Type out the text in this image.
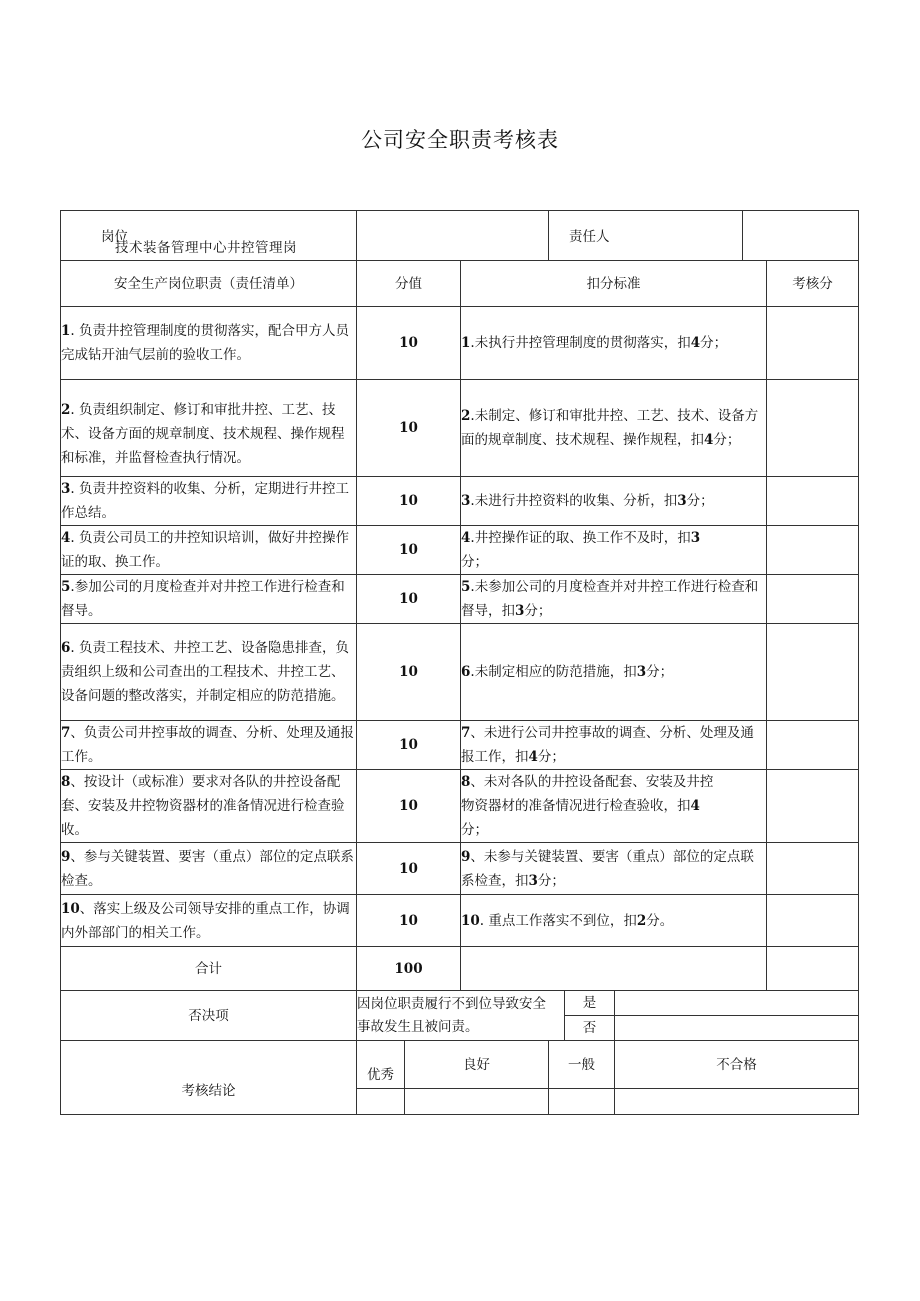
公司安全职责考核表
岗位	技术装备管理中心井控管理岗			责任人				

安全生产岗位职责（责任清单）	分值		扣分标准					考核分
1. 负责井控管理制度的贯彻落实，配合甲方人员完成钻开油气层前的验收工作。	10		1.未执行井控管理制度的贯彻落实，扣4分；					
2. 负责组织制定、修订和审批井控、工艺、技术、设备方面的规章制度、技术规程、操作规程和标准，并监督检查执行情况。	10		2.未制定、修订和审批井控、工艺、技术、设备方面的规章制度、技术规程、操作规程，扣4分；					
3. 负责井控资料的收集、分析，定期进行井控工作总结。	10		3.未进行井控资料的收集、分析，扣3分；					
4. 负责公司员工的井控知识培训，做好井控操作证的取、换工作。	10		4.井控操作证的取、换工作不及时，扣3分；					
5.参加公司的月度检查并对井控工作进行检查和督导。	10		5.未参加公司的月度检查并对井控工作进行检查和督导，扣3分；					
6. 负责工程技术、井控工艺、设备隐患排查，负责组织上级和公司查出的工程技术、井控工艺、设备问题的整改落实，并制定相应的防范措施。	10		6.未制定相应的防范措施，扣3分；					
7、负责公司井控事故的调查、分析、处理及通报工作。	10		7、未进行公司井控事故的调查、分析、处理及通报工作，扣4分；					
8、按设计（或标准）要求对各队的井控设备配套、安装及井控物资器材的准备情况进行检查验收。	10		8、未对各队的井控设备配套、安装及井控物资器材的准备情况进行检查验收，扣4分；					
9、参与关键装置、要害（重点）部位的定点联系检查。	10		9、未参与关键装置、要害（重点）部位的定点联系检查，扣3分；					
10、落实上级及公司领导安排的重点工作，协调内外部部门的相关工作。	10		10. 重点工作落实不到位，扣2分。					
合计	100							
否决项	因岗位职责履行不到位导致安全事故发生且被问责。				是			
					否			
考核结论	优秀	良好		一般		不合格		
